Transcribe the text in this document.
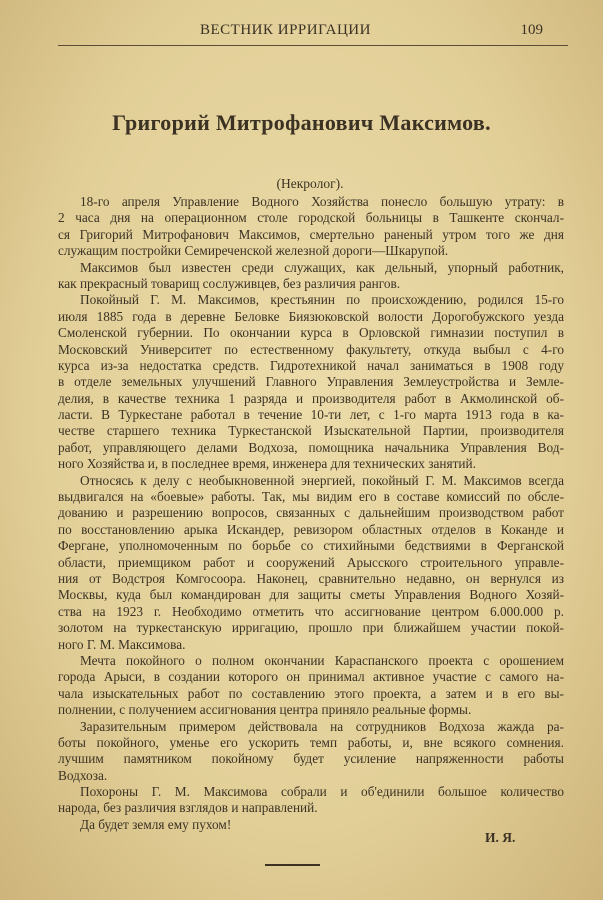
ВЕСТНИК ИРРИГАЦИИ	109
Григорий Митрофанович Максимов.
(Некролог).
18-го апреля Управление Водного Хозяйства понесло большую утрату: в
2 часа дня на операционном столе городской больницы в Ташкенте скончал-
ся Григорий Митрофанович Максимов, смертельно раненый утром того же дня
служащим постройки Семиреченской железной дороги—Шкарупой.
Максимов был известен среди служащих, как дельный, упорный работник,
как прекрасный товарищ сослуживцев, без различия рангов.
Покойный Г. М. Максимов, крестьянин по происхождению, родился 15-го
июля 1885 года в деревне Беловке Биязюковской волости Дорогобужского уезда
Смоленской губернии. По окончании курса в Орловской гимназии поступил в
Московский Университет по естественному факультету, откуда выбыл с 4-го
курса из-за недостатка средств. Гидротехникой начал заниматься в 1908 году
в отделе земельных улучшений Главного Управления Землеустройства и Земле-
делия, в качестве техника 1 разряда и производителя работ в Акмолинской об-
ласти. В Туркестане работал в течение 10-ти лет, с 1-го марта 1913 года в ка-
честве старшего техника Туркестанской Изыскательной Партии, производителя
работ, управляющего делами Водхоза, помощника начальника Управления Вод-
ного Хозяйства и, в последнее время, инженера для технических занятий.
Относясь к делу с необыкновенной энергией, покойный Г. М. Максимов всегда
выдвигался на «боевые» работы. Так, мы видим его в составе комиссий по обсле-
дованию и разрешению вопросов, связанных с дальнейшим производством работ
по восстановлению арыка Искандер, ревизором областных отделов в Коканде и
Фергане, уполномоченным по борьбе со стихийными бедствиями в Ферганской
области, приемщиком работ и сооружений Арысского строительного управле-
ния от Водстроя Комгосоора. Наконец, сравнительно недавно, он вернулся из
Москвы, куда был командирован для защиты сметы Управления Водного Хозяй-
ства на 1923 г. Необходимо отметить что ассигнование центром 6.000.000 р.
золотом на туркестанскую ирригацию, прошло при ближайшем участии покой-
ного Г. М. Максимова.
Мечта покойного о полном окончании Караспанского проекта с орошением
города Арыси, в создании которого он принимал активное участие с самого на-
чала изыскательных работ по составлению этого проекта, а затем и в его вы-
полнении, с получением ассигнования центра приняло реальные формы.
Заразительным примером действовала на сотрудников Водхоза жажда ра-
боты покойного, уменье его ускорить темп работы, и, вне всякого сомнения.
лучшим памятником покойному будет усиление напряженности работы
Водхоза.
Похороны Г. М. Максимова собрали и об'единили большое количество
народа, без различия взглядов и направлений.
Да будет земля ему пухом!
И. Я.
